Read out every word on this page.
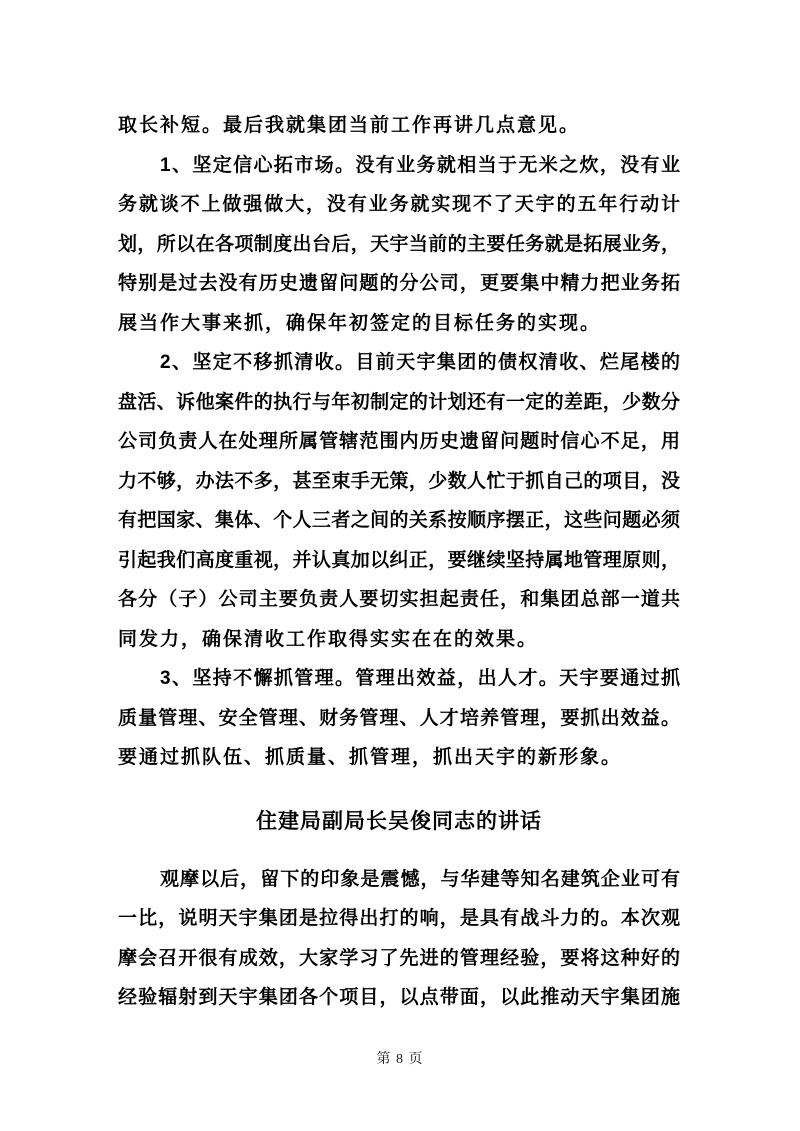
取长补短。最后我就集团当前工作再讲几点意见。
1、坚定信心拓市场。没有业务就相当于无米之炊，没有业
务就谈不上做强做大，没有业务就实现不了天宇的五年行动计
划，所以在各项制度出台后，天宇当前的主要任务就是拓展业务，
特别是过去没有历史遗留问题的分公司，更要集中精力把业务拓
展当作大事来抓，确保年初签定的目标任务的实现。
2、坚定不移抓清收。目前天宇集团的债权清收、烂尾楼的
盘活、诉他案件的执行与年初制定的计划还有一定的差距，少数分
公司负责人在处理所属管辖范围内历史遗留问题时信心不足，用
力不够，办法不多，甚至束手无策，少数人忙于抓自己的项目，没
有把国家、集体、个人三者之间的关系按顺序摆正，这些问题必须
引起我们高度重视，并认真加以纠正，要继续坚持属地管理原则，
各分（子）公司主要负责人要切实担起责任，和集团总部一道共
同发力，确保清收工作取得实实在在的效果。
3、坚持不懈抓管理。管理出效益，出人才。天宇要通过抓
质量管理、安全管理、财务管理、人才培养管理，要抓出效益。
要通过抓队伍、抓质量、抓管理，抓出天宇的新形象。
住建局副局长吴俊同志的讲话
观摩以后，留下的印象是震憾，与华建等知名建筑企业可有
一比，说明天宇集团是拉得出打的响，是具有战斗力的。本次观
摩会召开很有成效，大家学习了先进的管理经验，要将这种好的
经验辐射到天宇集团各个项目，以点带面，以此推动天宇集团施
第 8 页
